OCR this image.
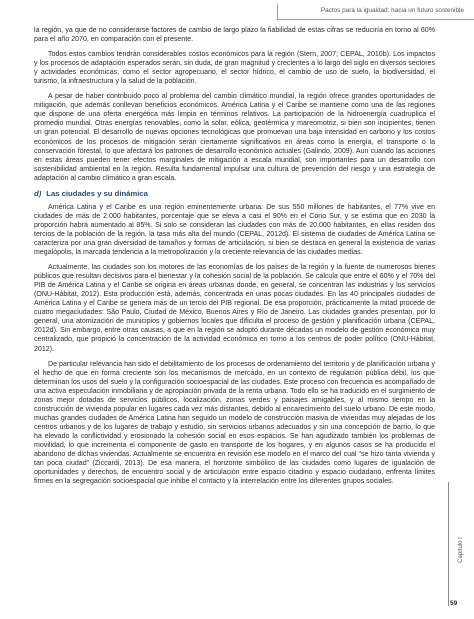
Pactos para la igualdad: hacia un futuro sostenible

la región, ya que de no considerarse factores de cambio de largo plazo la fiabilidad de estas cifras se reduciría en torno al 60% para el año 2070, en comparación con el presente.

Todos estos cambios tendrán considerables costos económicos para la región (Stern, 2007; CEPAL, 2010b). Los impactos y los procesos de adaptación esperados serán, sin duda, de gran magnitud y crecientes a lo largo del siglo en diversos sectores y actividades económicas, como el sector agropecuario, el sector hídrico, el cambio de uso de suelo, la biodiversidad, el turismo, la infraestructura y la salud de la población.

A pesar de haber contribuido poco al problema del cambio climático mundial, la región ofrece grandes oportunidades de mitigación, que además conllevan beneficios económicos. América Latina y el Caribe se mantiene como una de las regiones que dispone de una oferta energética más limpia en términos relativos. La participación de la hidroenergía cuadruplica el promedio mundial. Otras energías renovables, como la solar, eólica, geotérmica y mareomotriz, si bien son incipientes, tienen un gran potencial. El desarrollo de nuevas opciones tecnológicas que promuevan una baja intensidad en carbono y los costos económicos de los procesos de mitigación serán ciertamente significativos en áreas como la energía, el transporte o la conservación forestal, lo que afectará los patrones de desarrollo económico actuales (Galindo, 2009). Aun cuando las acciones en estas áreas pueden tener efectos marginales de mitigación a escala mundial, son importantes para un desarrollo con sostenibilidad ambiental en la región. Resulta fundamental impulsar una cultura de prevención del riesgo y una estrategia de adaptación al cambio climático a gran escala.

d) Las ciudades y su dinámica

América Latina y el Caribe es una región eminentemente urbana. De sus 550 millones de habitantes, el 77% vive en ciudades de más de 2.000 habitantes, porcentaje que se eleva a casi el 90% en el Cono Sur, y se estima que en 2030 la proporción habrá aumentado al 85%. Si solo se consideran las ciudades con más de 20.000 habitantes, en ellas residen dos tercios de la población de la región, la tasa más alta del mundo (CEPAL, 2012d). El sistema de ciudades de América Latina se caracteriza por una gran diversidad de tamaños y formas de articulación, si bien se destaca en general la existencia de varias megalópolis, la marcada tendencia a la metropolización y la creciente relevancia de las ciudades medias.

Actualmente, las ciudades son los motores de las economías de los países de la región y la fuente de numerosos bienes públicos que resultan decisivos para el bienestar y la cohesión social de la población. Se calcula que entre el 60% y el 70% del PIB de América Latina y el Caribe se origina en áreas urbanas donde, en general, se concentran las industrias y los servicios (ONU-Hábitat, 2012). Esta producción está, además, concentrada en unas pocas ciudades. En las 40 principales ciudades de América Latina y el Caribe se genera más de un tercio del PIB regional. De esa proporción, prácticamente la mitad procede de cuatro megaciudades: São Paulo, Ciudad de México, Buenos Aires y Río de Janeiro. Las ciudades grandes presentan, por lo general, una atomización de municipios y gobiernos locales que dificulta el proceso de gestión y planificación urbana (CEPAL, 2012d). Sin embargo, entre otras causas, a que en la región se adoptó durante décadas un modelo de gestión económica muy centralizado, que propició la concentración de la actividad económica en torno a los centros de poder político (ONU-Hábitat, 2012).

De particular relevancia han sido el debilitamiento de los procesos de ordenamiento del territorio y de planificación urbana y el hecho de que en forma creciente son los mecanismos de mercado, en un contexto de regulación pública débil, los que determinan los usos del suelo y la configuración socioespacial de las ciudades. Este proceso con frecuencia es acompañado de una activa especulación inmobiliaria y de apropiación privada de la renta urbana. Todo ello se ha traducido en el surgimiento de zonas mejor dotadas de servicios públicos, localización, zonas verdes y paisajes amigables, y al mismo tiempo en la construcción de vivienda popular en lugares cada vez más distantes, debido al encarecimiento del suelo urbano. De este modo, muchas grandes ciudades de América Latina han seguido un modelo de construcción masiva de viviendas muy alejadas de los centros urbanos y de los lugares de trabajo y estudio, sin servicios urbanos adecuados y sin una concepción de barrio, lo que ha elevado la conflictividad y erosionado la cohesión social en esos espacios. Se han agudizado también los problemas de movilidad, lo que incrementa el componente de gasto en transporte de los hogares, y en algunos casos se ha producido el abandono de dichas viviendas. Actualmente se encuentra en revisión ese modelo en el marco del cual “se hizo tanta vivienda y tan poca ciudad” (Ziccardi, 2013). De esa manera, el horizonte simbólico de las ciudades como lugares de igualación de oportunidades y derechos, de encuentro social y de articulación entre espacio citadino y espacio ciudadano, enfrenta límites firmes en la segregación socioespacial que inhibe el contacto y la interrelación entre los diferentes grupos sociales.

Capítulo I
59
